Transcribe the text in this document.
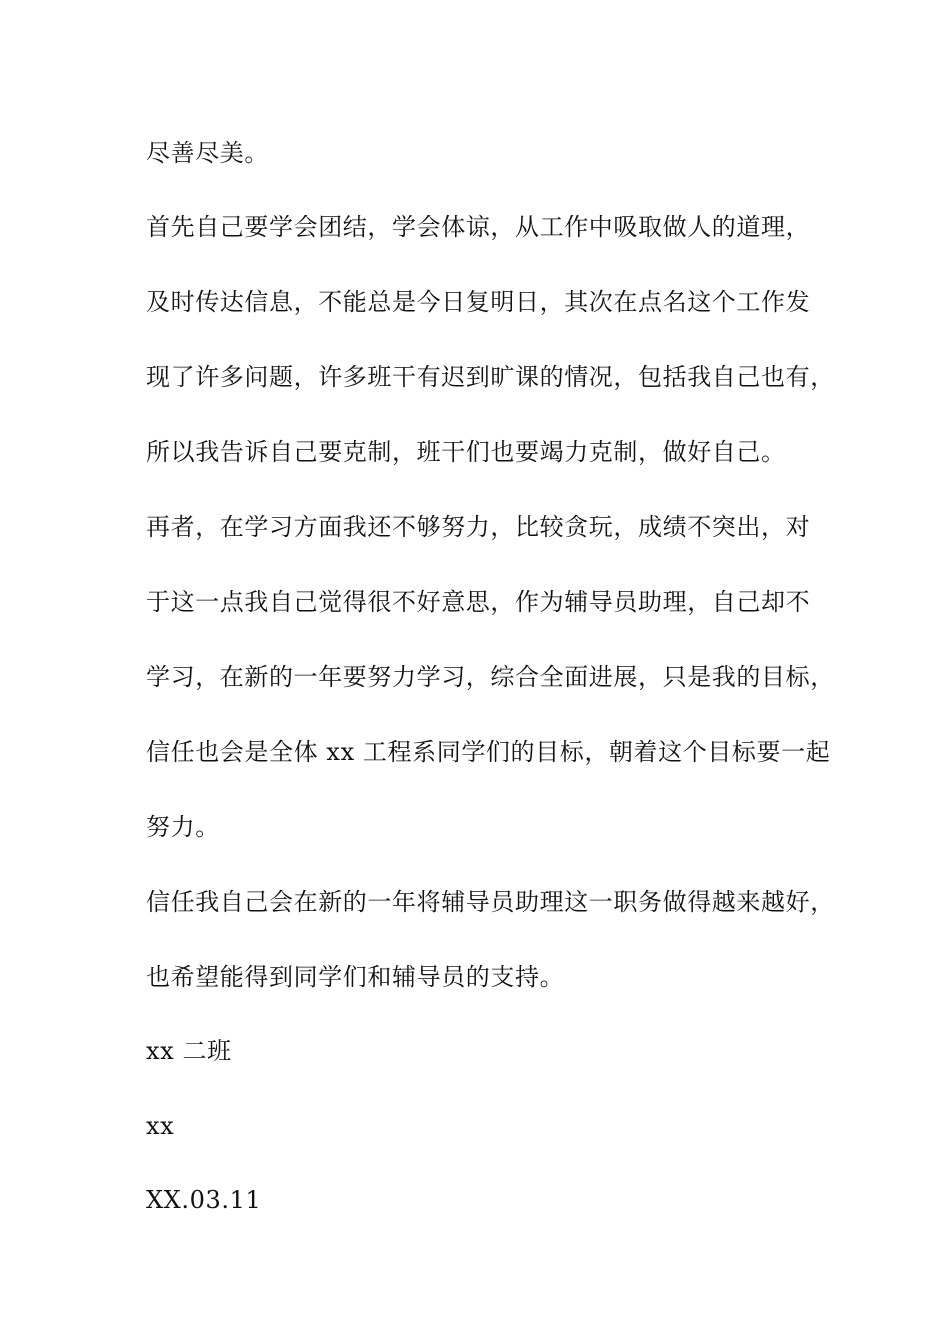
尽善尽美。
首先自己要学会团结，学会体谅，从工作中吸取做人的道理，
及时传达信息，不能总是今日复明日，其次在点名这个工作发
现了许多问题，许多班干有迟到旷课的情况，包括我自己也有，
所以我告诉自己要克制，班干们也要竭力克制，做好自己。
再者，在学习方面我还不够努力，比较贪玩，成绩不突出，对
于这一点我自己觉得很不好意思，作为辅导员助理，自己却不
学习，在新的一年要努力学习，综合全面进展，只是我的目标，
信任也会是全体 xx 工程系同学们的目标，朝着这个目标要一起
努力。
信任我自己会在新的一年将辅导员助理这一职务做得越来越好，
也希望能得到同学们和辅导员的支持。
xx 二班
xx
XX.03.11
